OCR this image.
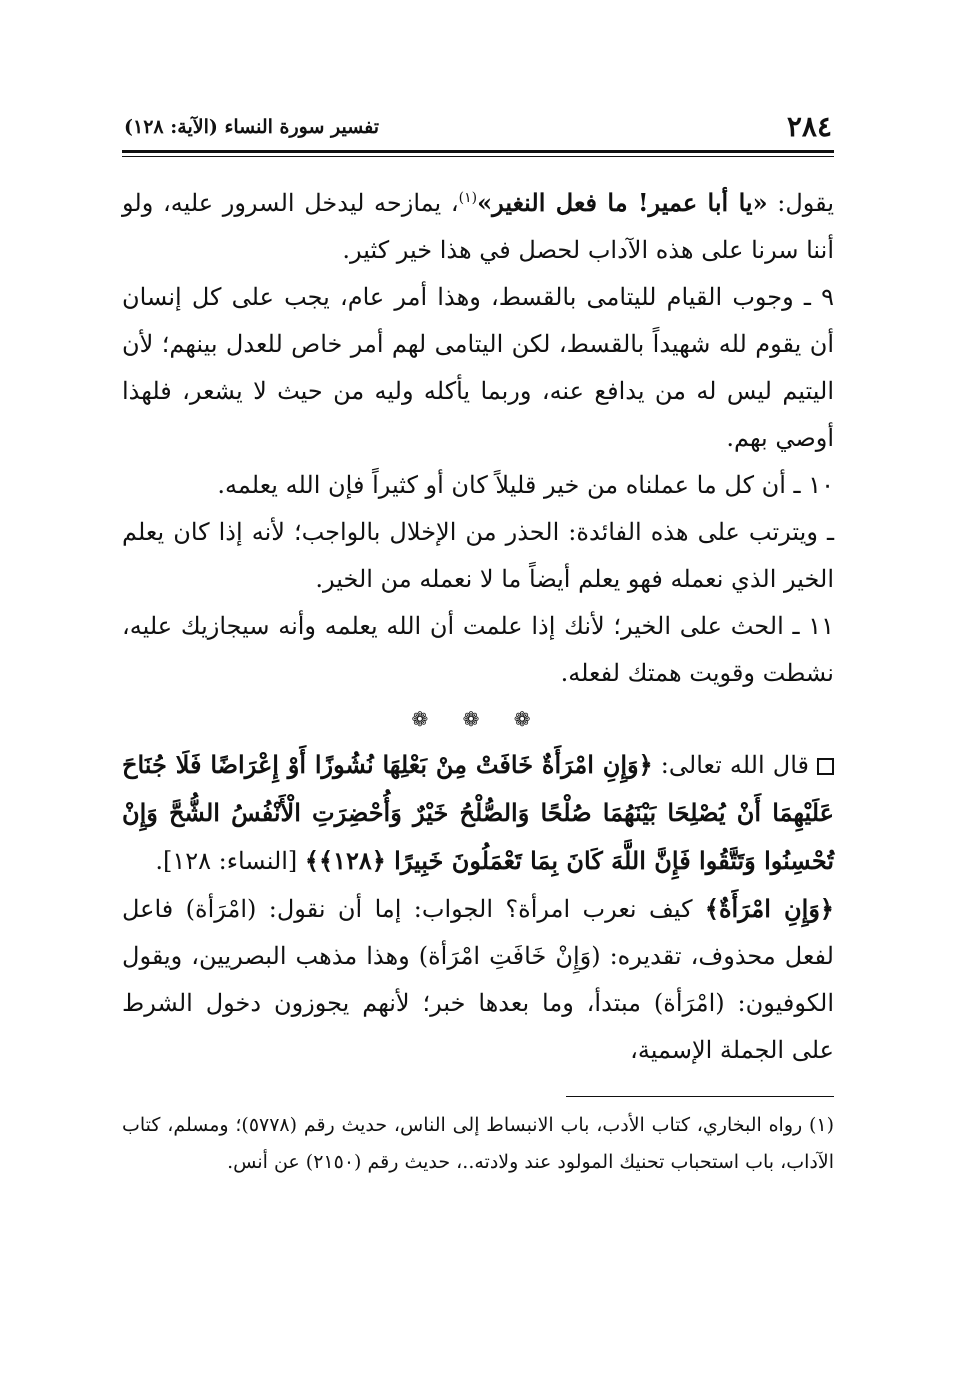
٢٨٤
تفسير سورة النساء (الآية: ١٢٨)

يقول: «يا أبا عمير! ما فعل النغير»$^{(١)}$، يمازحه ليدخل السرور عليه، ولو أننا سرنا على هذه الآداب لحصل في هذا خير كثير.

٩ ـ وجوب القيام لليتامى بالقسط، وهذا أمر عام، يجب على كل إنسان أن يقوم لله شهيداً بالقسط، لكن اليتامى لهم أمر خاص للعدل بينهم؛ لأن اليتيم ليس له من يدافع عنه، وربما يأكله وليه من حيث لا يشعر، فلهذا أوصي بهم.

١٠ ـ أن كل ما عملناه من خير قليلاً كان أو كثيراً فإن الله يعلمه.

ـ ويترتب على هذه الفائدة: الحذر من الإخلال بالواجب؛ لأنه إذا كان يعلم الخير الذي نعمله فهو يعلم أيضاً ما لا نعمله من الخير.

١١ ـ الحث على الخير؛ لأنك إذا علمت أن الله يعلمه وأنه سيجازيك عليه، نشطت وقويت همتك لفعله.

❁ ❁ ❁

قال الله تعالى: ﴿وَإِنِ امْرَأَةٌ خَافَتْ مِنْ بَعْلِهَا نُشُوزًا أَوْ إِعْرَاضًا فَلَا جُنَاحَ عَلَيْهِمَا أَنْ يُصْلِحَا بَيْنَهُمَا صُلْحًا وَالصُّلْحُ خَيْرٌ وَأُحْضِرَتِ الْأَنْفُسُ الشُّحَّ وَإِنْ تُحْسِنُوا وَتَتَّقُوا فَإِنَّ اللَّهَ كَانَ بِمَا تَعْمَلُونَ خَبِيرًا ﴿١٢٨﴾﴾ [النساء: ١٢٨].

﴿وَإِنِ امْرَأَةٌ﴾ كيف نعرب امرأة؟ الجواب: إما أن نقول: (امْرَأة) فاعل لفعل محذوف، تقديره: (وَإِنْ خَافَتِ امْرَأة) وهذا مذهب البصريين، ويقول الكوفيون: (امْرَأة) مبتدأ، وما بعدها خبر؛ لأنهم يجوزون دخول الشرط على الجملة الإسمية،

(١) رواه البخاري، كتاب الأدب، باب الانبساط إلى الناس، حديث رقم (٥٧٧٨)؛ ومسلم، كتاب الآداب، باب استحباب تحنيك المولود عند ولادته..، حديث رقم (٢١٥٠) عن أنس.
